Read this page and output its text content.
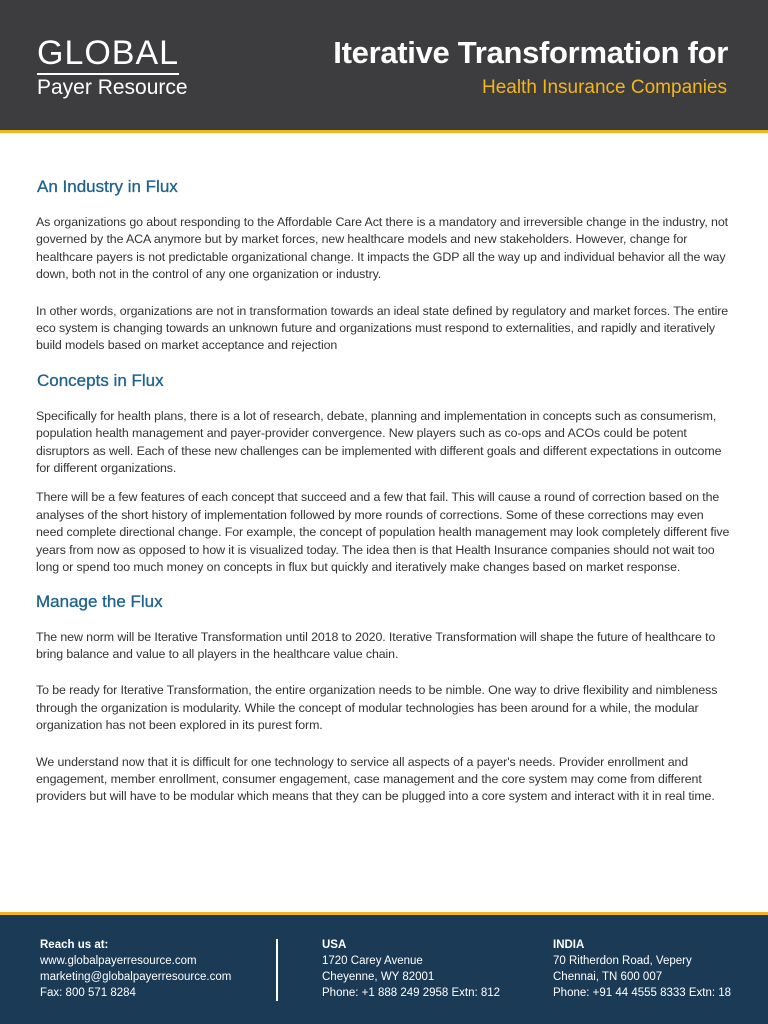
GLOBAL
Payer Resource
Iterative Transformation for
Health Insurance Companies
An Industry in Flux

As organizations go about responding to the Affordable Care Act there is a mandatory and irreversible change in the industry, not governed by the ACA anymore but by market forces, new healthcare models and new stakeholders. However, change for healthcare payers is not predictable organizational change. It impacts the GDP all the way up and individual behavior all the way down, both not in the control of any one organization or industry.

In other words, organizations are not in transformation towards an ideal state defined by regulatory and market forces. The entire eco system is changing towards an unknown future and organizations must respond to externalities, and rapidly and iteratively build models based on market acceptance and rejection

Concepts in Flux

Specifically for health plans, there is a lot of research, debate, planning and implementation in concepts such as consumerism, population health management and payer-provider convergence. New players such as co-ops and ACOs could be potent disruptors as well. Each of these new challenges can be implemented with different goals and different expectations in outcome for different organizations.

There will be a few features of each concept that succeed and a few that fail. This will cause a round of correction based on the analyses of the short history of implementation followed by more rounds of corrections. Some of these corrections may even need complete directional change. For example, the concept of population health management may look completely different five years from now as opposed to how it is visualized today. The idea then is that Health Insurance companies should not wait too long or spend too much money on concepts in flux but quickly and iteratively make changes based on market response.

Manage the Flux

The new norm will be Iterative Transformation until 2018 to 2020. Iterative Transformation will shape the future of healthcare to bring balance and value to all players in the healthcare value chain.

To be ready for Iterative Transformation, the entire organization needs to be nimble. One way to drive flexibility and nimbleness through the organization is modularity. While the concept of modular technologies has been around for a while, the modular organization has not been explored in its purest form.

We understand now that it is difficult for one technology to service all aspects of a payer's needs. Provider enrollment and engagement, member enrollment, consumer engagement, case management and the core system may come from different providers but will have to be modular which means that they can be plugged into a core system and interact with it in real time.

Reach us at:
www.globalpayerresource.com
marketing@globalpayerresource.com
Fax: 800 571 8284
USA
1720 Carey Avenue
Cheyenne, WY 82001
Phone: +1 888 249 2958 Extn: 812
INDIA
70 Ritherdon Road, Vepery
Chennai, TN 600 007
Phone: +91 44 4555 8333 Extn: 18
